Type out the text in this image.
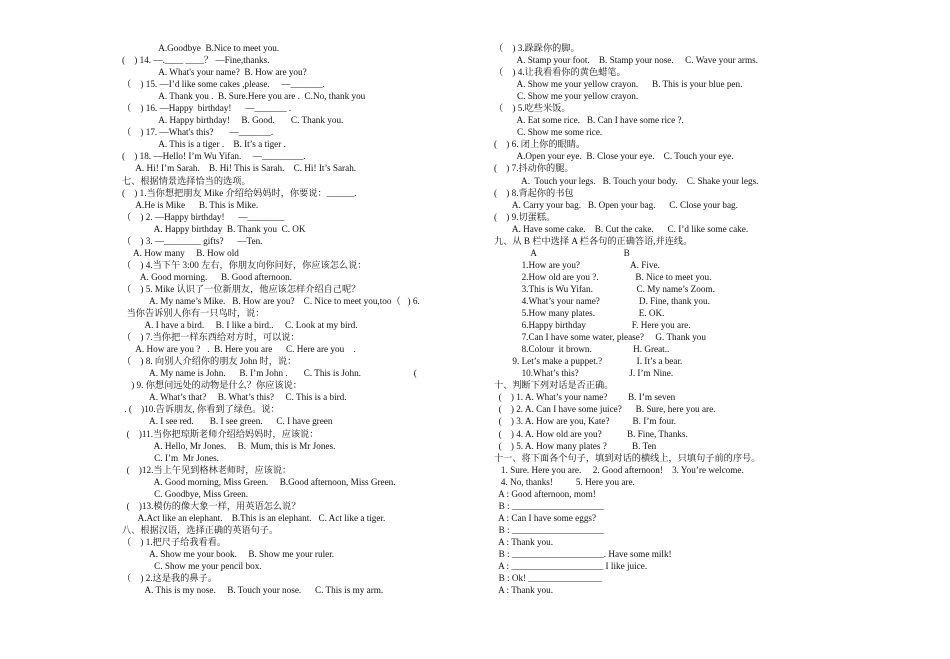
A.Goodbye  B.Nice to meet you.
(    ) 14. —.____ ____？ —Fine,thanks.
A. What's your name?  B. How are you?
（    ) 15. —I’d like some cakes ,please.     —_______.
A. Thank you .  B. Sure.Here you are .  C.No, thank you
（    ) 16. —Happy  birthday!      —_______ .
A. Happy birthday!     B. Good.       C. Thank you.
（    ) 17. —What's this?       —_______.
A. This is a tiger .    B. It’s a tiger .
(    ) 18. —Hello! I’m Wu Yifan.     —_________.
A. Hi! I’m Sarah.    B. Hi! This is Sarah.    C. Hi! It’s Sarah.
七、根据情景选择恰当的选项。
(    ) 1.当你想把朋友 Mike 介绍给妈妈时，你要说：______.
A.He is Mike      B. This is Mike.
（    ) 2. —Happy birthday!      —________
A. Happy birthday  B. Thank you  C. OK
（    ) 3. —________ gifts?      —Ten.
A. How many     B. How old
（    ) 4.当下午 3:00 左右，你朋友向你问好，你应该怎么说：
A. Good morning.      B. Good afternoon.
（    ) 5. Mike 认识了一位新朋友，他应该怎样介绍自己呢？
A. My name’s Mike.   B. How are you?    C. Nice to meet you,too（   ) 6.
当你告诉别人你有一只鸟时，说：
A. I have a bird.     B. I like a bird..     C. Look at my bird.
（    ) 7.当你把一样东西给对方时，可以说：
A. How are you ?   .  B. Here you are      C. Here are you    .
（    ) 8. 向别人介绍你的朋友 John 时，说：
A. My name is John.      B. I’m John .       C. This is John.                       (
) 9. 你想问远处的动物是什么？你应该说：
A. What’s that?     B. What’s this?     C. This is a bird.
. (    )10.告诉朋友, 你看到了绿色。说：
A. I see red.       B. I see green.      C. I have green
(    )11.当你把琼斯老师介绍给妈妈时，应该说：
A. Hello, Mr Jones.     B.  Mum, this is Mr Jones.
C. I’m  Mr Jones.
(    )12.当上午见到格林老师时，应该说：
A. Good morning, Miss Green.     B.Good afternoon, Miss Green.
C. Goodbye, Miss Green.
(    )13.模仿的像大象一样，用英语怎么说？
A.Act like an elephant.    B.This is an elephant.   C. Act like a tiger.
八、根据汉语，选择正确的英语句子。
（    ) 1.把尺子给我看看。
A. Show me your book.     B. Show me your ruler.
C. Show me your pencil box.
（    ) 2.这是我的鼻子。
A. This is my nose.     B. Touch your nose.      C. This is my arm.
（    ) 3.跺跺你的脚。
A. Stamp your foot.    B. Stamp your nose.     C. Wave your arms.
（    ) 4.让我看看你的黄色蜡笔。
A. Show me your yellow crayon.      B. This is your blue pen.
C. Show me your yellow crayon.
（    ) 5.吃些米饭。
A. Eat some rice.   B. Can I have some rice ?.
C. Show me some rice.
(    ) 6. 闭上你的眼睛。
A.Open your eye.  B. Close your eye.    C. Touch your eye.
(    ) 7.抖动你的腿。
A.  Touch your legs.   B. Touch your body.    C. Shake your legs.
(    ) 8.背起你的书包
A. Carry your bag.   B. Open your bag.      C. Close your bag.
(    ) 9.切蛋糕。
A. Have some cake.    B. Cut the cake.      C. I’d like some cake.
九、从 B 栏中选择 A 栏各句的正确答语,并连线。
A                                      B
1.How are you?                      A. Five.
2.How old are you ?.                B. Nice to meet you.
3.This is Wu Yifan.                   C. My name’s Zoom.
4.What’s your name?                 D. Fine, thank you.
5.How many plates.                   E. OK.
6.Happy birthday                    F. Here you are.
7.Can I have some water, please?     G. Thank you
8.Colour  it brown.                  H. Great..
9. Let’s make a puppet.?               I. It’s a bear.
10.What’s this?                      J. I’m Nine.
十、判断下列对话是否正确。
(    ) 1. A. What’s your name?         B. I’m seven
(    ) 2. A. Can I have some juice?      B. Sure, here you are.
(    ) 3. A. How are you, Kate?          B. I’m four.
(    ) 4. A. How old are you?           B. Fine, Thanks.
(    ) 5. A. How many plates ?           B. Ten
十一、将下面各个句子，填到对话的横线上，只填句子前的序号。
1. Sure. Here you are.     2. Good afternoon!    3. You’re welcome.
4. No, thanks!          5. Here you are.
A : Good afternoon, mom!
B : ____________________
A : Can I have some eggs?
B : ____________________
A : Thank you.
B : ____________________. Have some milk!
A : ____________________ I like juice.
B : Ok! ________________
A : Thank you.
